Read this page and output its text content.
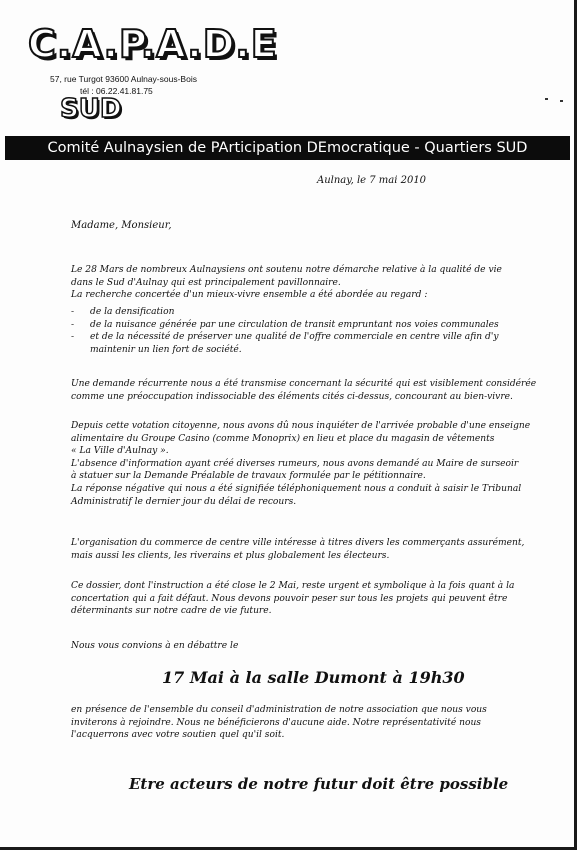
C.A.P.A.D.E
57, rue Turgot 93600 Aulnay-sous-Bois
tél : 06.22.41.81.75
SUD
Comité Aulnaysien de PArticipation DEmocratique - Quartiers SUD
Aulnay, le 7 mai 2010
Madame, Monsieur,
Le 28 Mars de nombreux Aulnaysiens ont soutenu notre démarche relative à la qualité de vie
dans le Sud d'Aulnay qui est principalement pavillonnaire.
La recherche concertée d'un mieux-vivre ensemble a été abordée au regard :
- de la densification
- de la nuisance générée par une circulation de transit empruntant nos voies communales
- et de la nécessité de préserver une qualité de l'offre commerciale en centre ville afin d'y
maintenir un lien fort de société.
Une demande récurrente nous a été transmise concernant la sécurité qui est visiblement considérée
comme une préoccupation indissociable des éléments cités ci-dessus, concourant au bien-vivre.
Depuis cette votation citoyenne, nous avons dû nous inquiéter de l'arrivée probable d'une enseigne
alimentaire du Groupe Casino (comme Monoprix) en lieu et place du magasin de vêtements
« La Ville d'Aulnay ».
L'absence d'information ayant créé diverses rumeurs, nous avons demandé au Maire de surseoir
à statuer sur la Demande Préalable de travaux formulée par le pétitionnaire.
La réponse négative qui nous a été signifiée téléphoniquement nous a conduit à saisir le Tribunal
Administratif le dernier jour du délai de recours.
L'organisation du commerce de centre ville intéresse à titres divers les commerçants assurément,
mais aussi les clients, les riverains et plus globalement les électeurs.
Ce dossier, dont l'instruction a été close le 2 Mai, reste urgent et symbolique à la fois quant à la
concertation qui a fait défaut. Nous devons pouvoir peser sur tous les projets qui peuvent être
déterminants sur notre cadre de vie future.
Nous vous convions à en débattre le
17 Mai à la salle Dumont à 19h30
en présence de l'ensemble du conseil d'administration de notre association que nous vous
inviterons à rejoindre. Nous ne bénéficierons d'aucune aide. Notre représentativité nous
l'acquerrons avec votre soutien quel qu'il soit.
Etre acteurs de notre futur doit être possible
